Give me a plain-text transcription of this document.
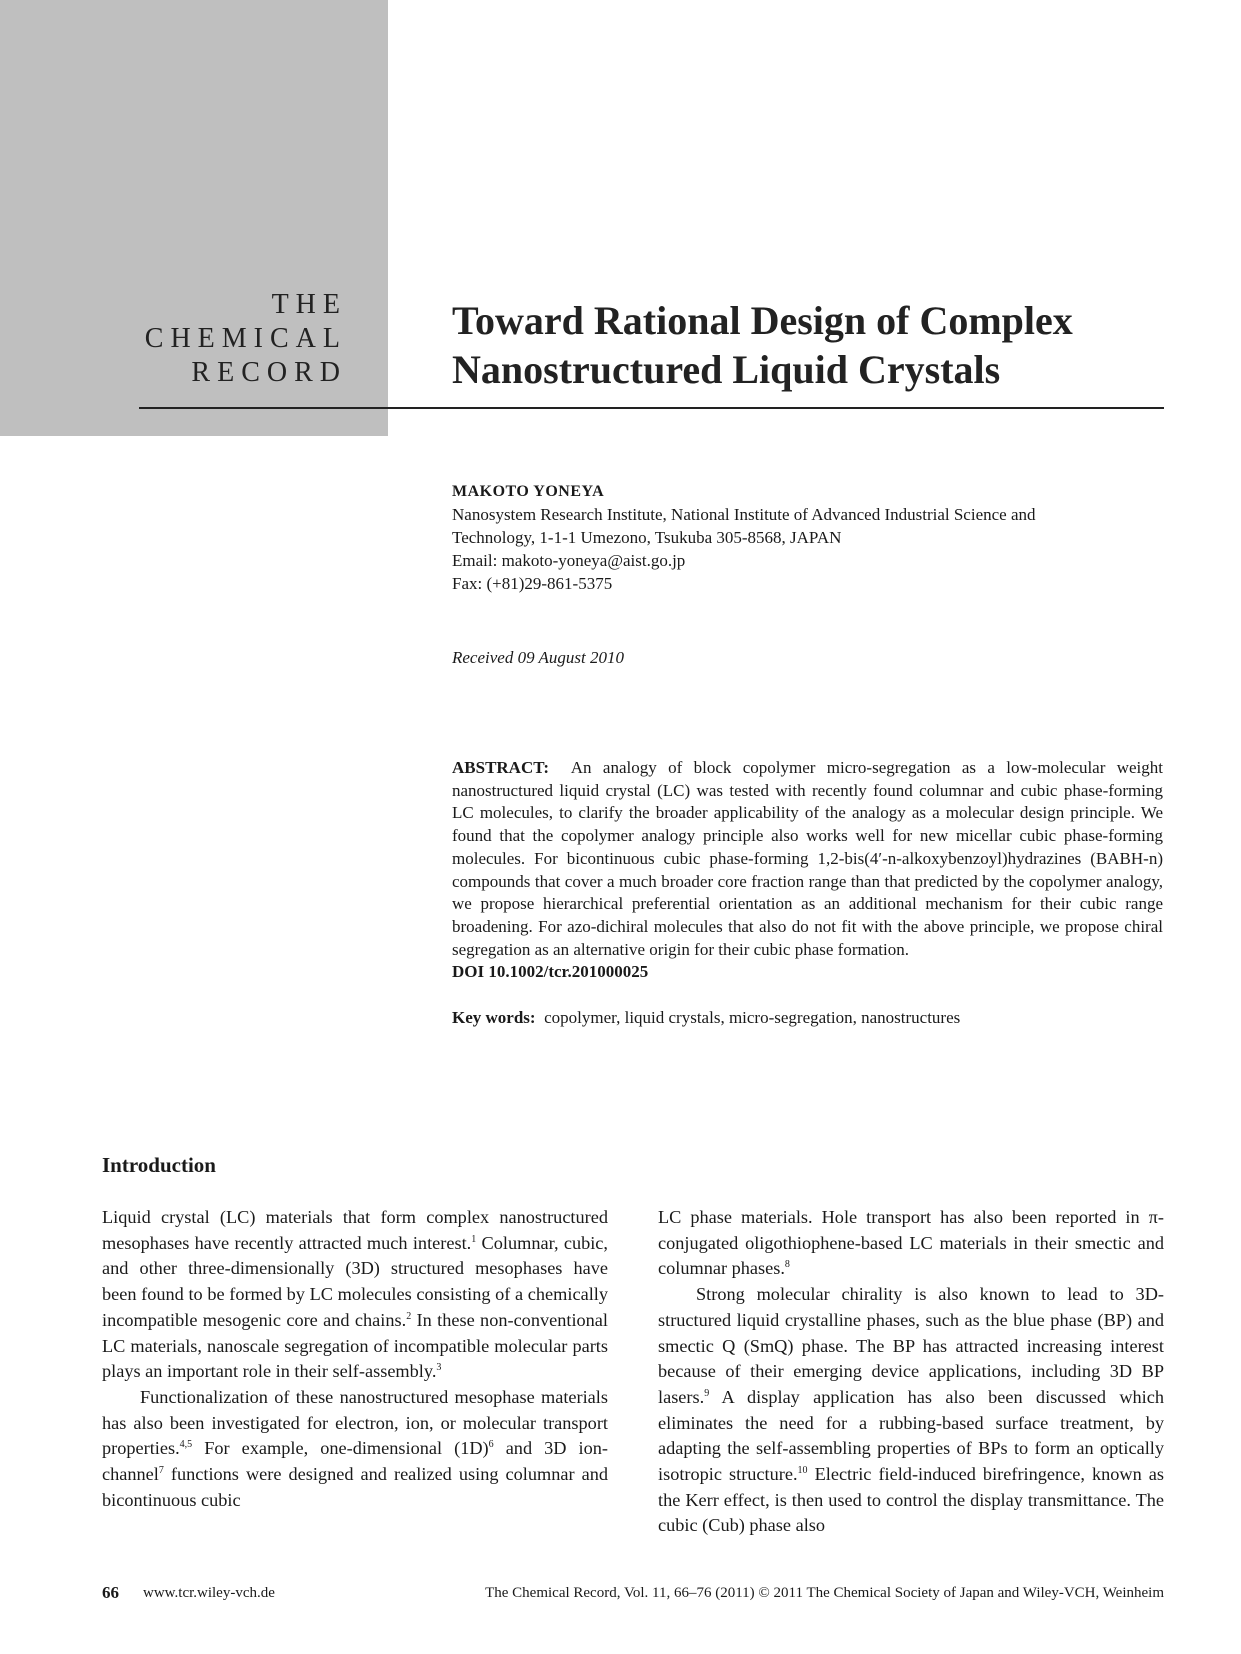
THE
CHEMICAL
RECORD
Toward Rational Design of Complex
Nanostructured Liquid Crystals
MAKOTO YONEYA
Nanosystem Research Institute, National Institute of Advanced Industrial Science and
Technology, 1-1-1 Umezono, Tsukuba 305-8568, JAPAN
Email: makoto-yoneya@aist.go.jp
Fax: (+81)29-861-5375
Received 09 August 2010
ABSTRACT: An analogy of block copolymer micro-segregation as a low-molecular weight nanostructured liquid crystal (LC) was tested with recently found columnar and cubic phase-forming LC molecules, to clarify the broader applicability of the analogy as a molecular design principle. We found that the copolymer analogy principle also works well for new micellar cubic phase-forming molecules. For bicontinuous cubic phase-forming 1,2-bis(4′-n-alkoxybenzoyl)hydrazines (BABH-n) compounds that cover a much broader core fraction range than that predicted by the copolymer analogy, we propose hierarchical preferential orientation as an additional mechanism for their cubic range broadening. For azo-dichiral molecules that also do not fit with the above principle, we propose chiral segregation as an alternative origin for their cubic phase formation.
DOI 10.1002/tcr.201000025
Key words: copolymer, liquid crystals, micro-segregation, nanostructures
Introduction

Liquid crystal (LC) materials that form complex nanostructured mesophases have recently attracted much interest.$^1$ Columnar, cubic, and other three-dimensionally (3D) structured mesophases have been found to be formed by LC molecules consisting of a chemically incompatible mesogenic core and chains.$^2$ In these non-conventional LC materials, nanoscale segregation of incompatible molecular parts plays an important role in their self-assembly.$^3$

Functionalization of these nanostructured mesophase materials has also been investigated for electron, ion, or molecular transport properties.$^{4,5}$ For example, one-dimensional $(1D)^6$ and 3D ion-channel$^7$ functions were designed and realized using columnar and bicontinuous cubic

LC phase materials. Hole transport has also been reported in π-conjugated oligothiophene-based LC materials in their smectic and columnar phases.$^8$

Strong molecular chirality is also known to lead to 3D-structured liquid crystalline phases, such as the blue phase (BP) and smectic Q (SmQ) phase. The BP has attracted increasing interest because of their emerging device applications, including 3D BP lasers.$^9$ A display application has also been discussed which eliminates the need for a rubbing-based surface treatment, by adapting the self-assembling properties of BPs to form an optically isotropic structure.$^{10}$ Electric field-induced birefringence, known as the Kerr effect, is then used to control the display transmittance. The cubic (Cub) phase also

66 www.tcr.wiley-vch.de	The Chemical Record, Vol. 11, 66–76 (2011) © 2011 The Chemical Society of Japan and Wiley-VCH, Weinheim
